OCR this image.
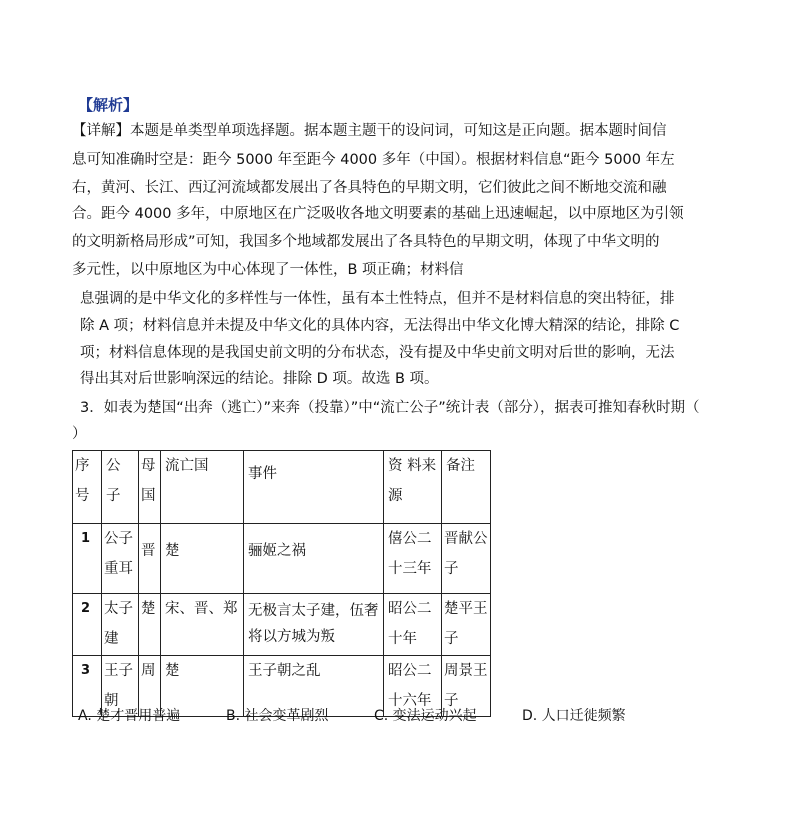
【解析】
【详解】本题是单类型单项选择题。据本题主题干的设问词，可知这是正向题。据本题时间信
息可知准确时空是：距今 5000 年至距今 4000 多年（中国）。根据材料信息“距今 5000 年左
右，黄河、长江、西辽河流域都发展出了各具特色的早期文明，它们彼此之间不断地交流和融
合。距今 4000 多年，中原地区在广泛吸收各地文明要素的基础上迅速崛起，以中原地区为引领
的文明新格局形成”可知，我国多个地域都发展出了各具特色的早期文明，体现了中华文明的
多元性，以中原地区为中心体现了一体性，B 项正确；材料信
息强调的是中华文化的多样性与一体性，虽有本土性特点，但并不是材料信息的突出特征，排
除 A 项；材料信息并未提及中华文化的具体内容，无法得出中华文化博大精深的结论，排除 C
项；材料信息体现的是我国史前文明的分布状态，没有提及中华史前文明对后世的影响，无法
得出其对后世影响深远的结论。排除 D 项。故选 B 项。
3．如表为楚国“出奔（逃亡）”来奔（投靠）”中“流亡公子”统计表（部分），据表可推知春秋时期（
）
序号	公子	母国	流亡国	事件	资 料来源	备注
1	公子重耳	晋	楚	骊姬之祸	僖公二十三年	晋献公子
2	太子建	楚	宋、晋、郑	无极言太子建，伍奢将以方城为叛	昭公二十年	楚平王子
3	王子朝	周	楚	王子朝之乱	昭公二十六年	周景王子
A. 楚才晋用普遍	B. 社会变革剧烈	C. 变法运动兴起	D. 人口迁徙频繁
